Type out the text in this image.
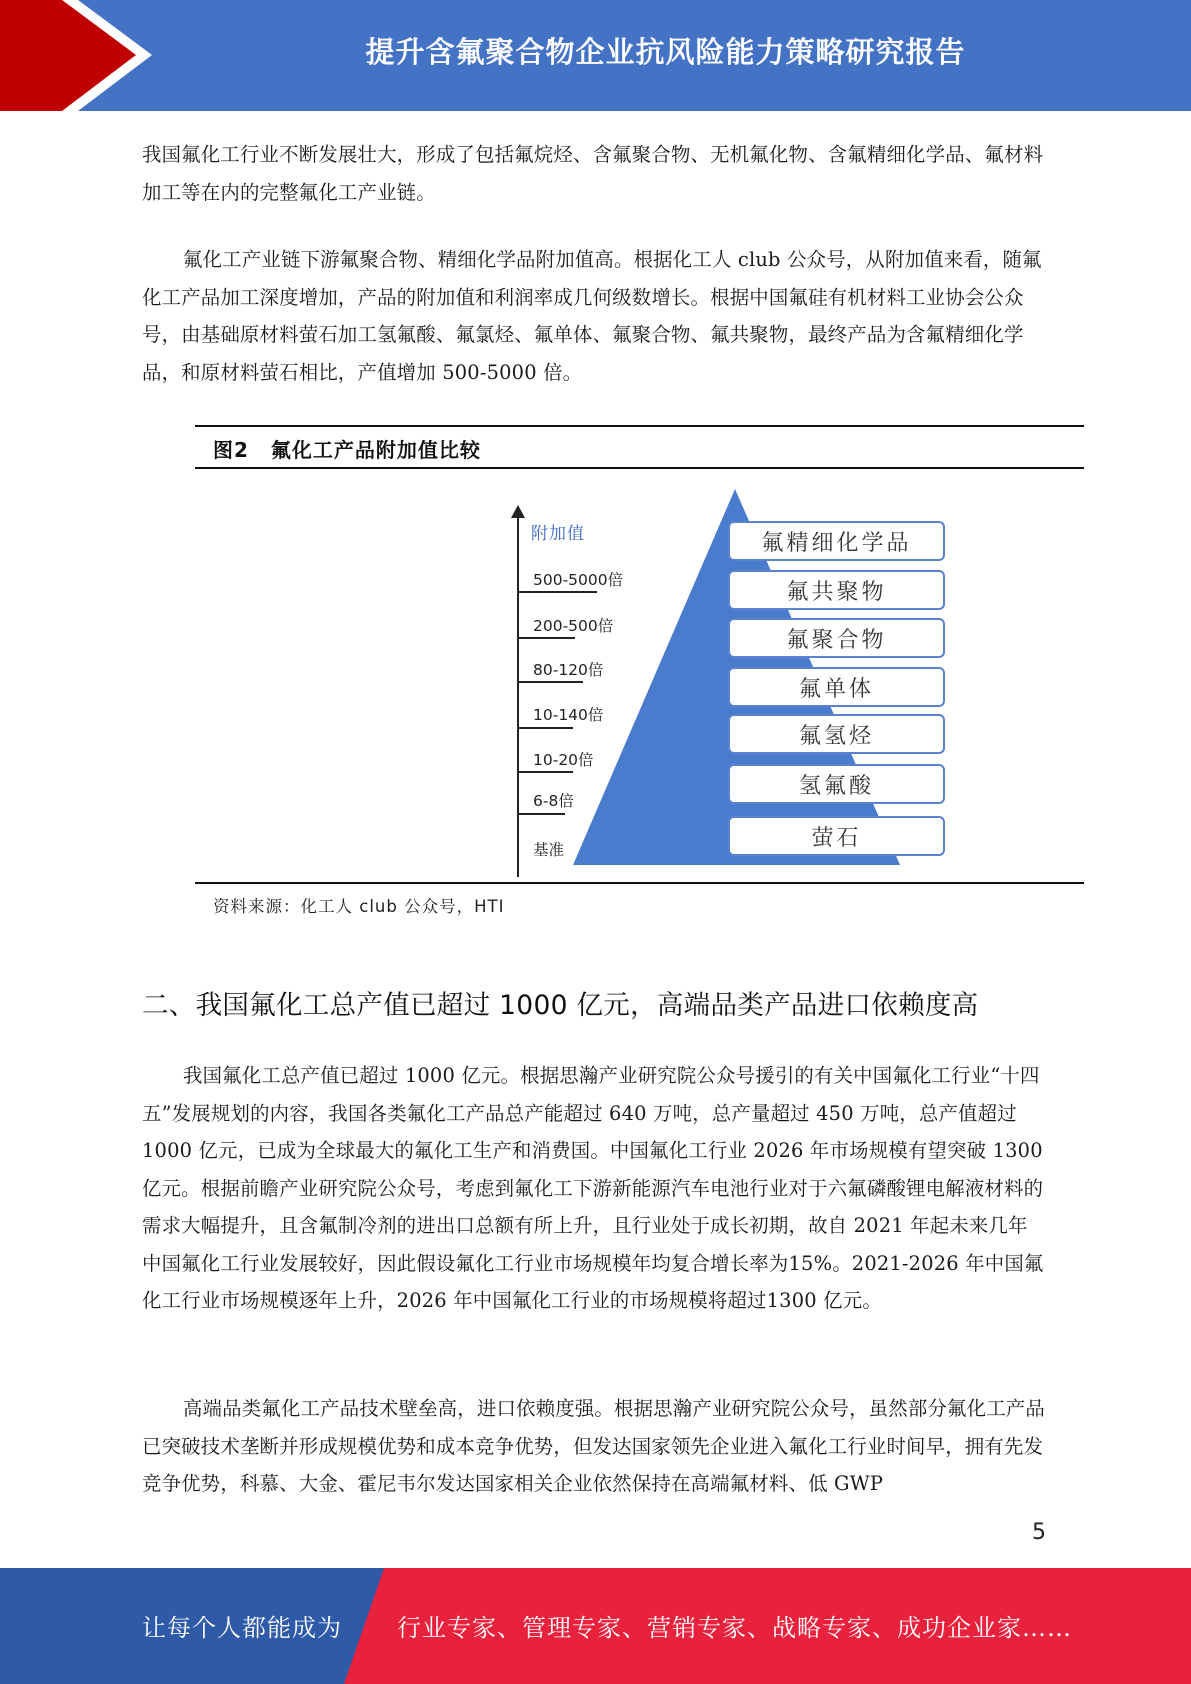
提升含氟聚合物企业抗风险能力策略研究报告

我国氟化工行业不断发展壮大，形成了包括氟烷烃、含氟聚合物、无机氟化物、含氟精细化学品、氟材料加工等在内的完整氟化工产业链。

氟化工产业链下游氟聚合物、精细化学品附加值高。根据化工人 club 公众号，从附加值来看，随氟化工产品加工深度增加，产品的附加值和利润率成几何级数增长。根据中国氟硅有机材料工业协会公众号，由基础原材料萤石加工氢氟酸、氟氯烃、氟单体、氟聚合物、氟共聚物，最终产品为含氟精细化学品，和原材料萤石相比，产值增加 500-5000 倍。

图2 氟化工产品附加值比较
附加值
500-5000倍
200-500倍
80-120倍
10-140倍
10-20倍
6-8倍
基准
氟精细化学品
氟共聚物
氟聚合物
氟单体
氟氢烃
氢氟酸
萤石
资料来源：化工人 club 公众号，HTI
二、我国氟化工总产值已超过 1000 亿元，高端品类产品进口依赖度高

我国氟化工总产值已超过 1000 亿元。根据思瀚产业研究院公众号援引的有关中国氟化工行业“十四五”发展规划的内容，我国各类氟化工产品总产能超过 640 万吨，总产量超过 450 万吨，总产值超过 1000 亿元，已成为全球最大的氟化工生产和消费国。中国氟化工行业 2026 年市场规模有望突破 1300 亿元。根据前瞻产业研究院公众号，考虑到氟化工下游新能源汽车电池行业对于六氟磷酸锂电解液材料的需求大幅提升，且含氟制冷剂的进出口总额有所上升，且行业处于成长初期，故自 2021 年起未来几年中国氟化工行业发展较好，因此假设氟化工行业市场规模年均复合增长率为15%。2021-2026 年中国氟化工行业市场规模逐年上升，2026 年中国氟化工行业的市场规模将超过1300 亿元。

高端品类氟化工产品技术壁垒高，进口依赖度强。根据思瀚产业研究院公众号，虽然部分氟化工产品已突破技术垄断并形成规模优势和成本竞争优势，但发达国家领先企业进入氟化工行业时间早，拥有先发竞争优势，科慕、大金、霍尼韦尔发达国家相关企业依然保持在高端氟材料、低 GWP

5
让每个人都能成为 行业专家、管理专家、营销专家、战略专家、成功企业家……
